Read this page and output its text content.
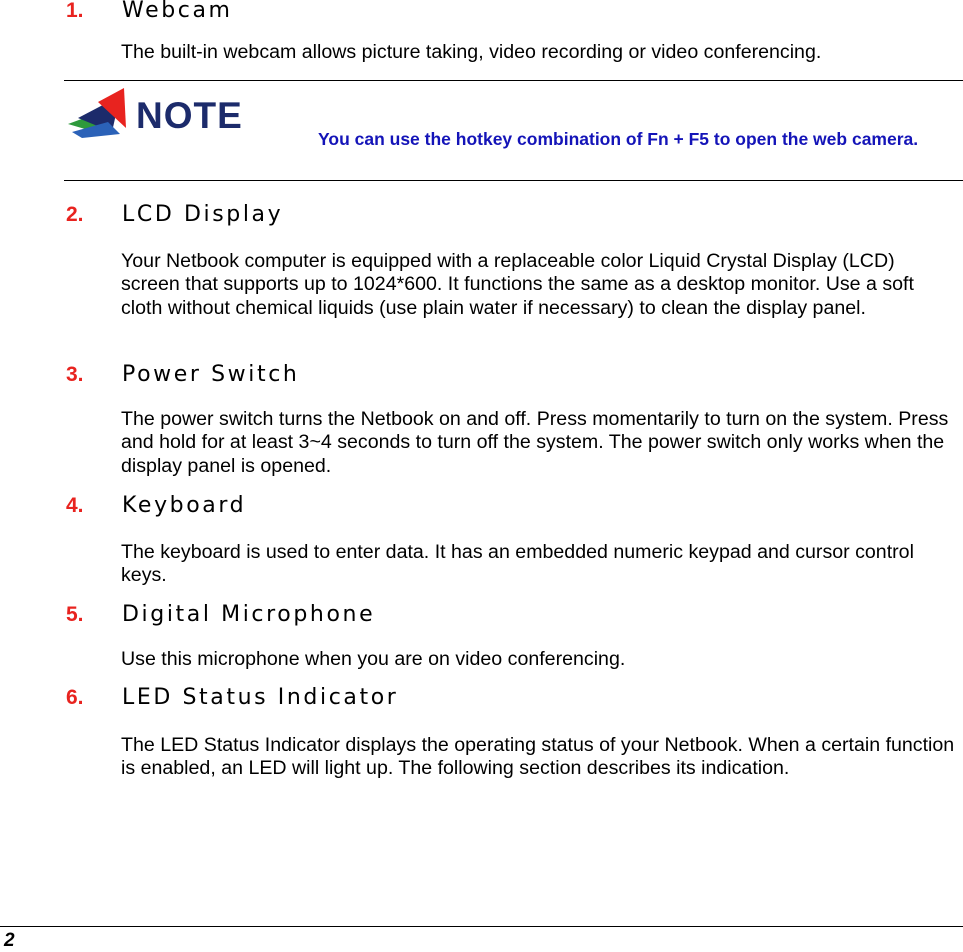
1. Webcam

The built-in webcam allows picture taking, video recording or video conferencing.

NOTE

You can use the hotkey combination of Fn + F5 to open the web camera.

2. LCD Display

Your Netbook computer is equipped with a replaceable color Liquid Crystal Display (LCD) screen that supports up to 1024*600. It functions the same as a desktop monitor. Use a soft cloth without chemical liquids (use plain water if necessary) to clean the display panel.

3. Power Switch

The power switch turns the Netbook on and off. Press momentarily to turn on the system. Press and hold for at least 3~4 seconds to turn off the system. The power switch only works when the display panel is opened.

4. Keyboard

The keyboard is used to enter data. It has an embedded numeric keypad and cursor control keys.

5. Digital Microphone

Use this microphone when you are on video conferencing.

6. LED Status Indicator

The LED Status Indicator displays the operating status of your Netbook. When a certain function is enabled, an LED will light up. The following section describes its indication.

2
